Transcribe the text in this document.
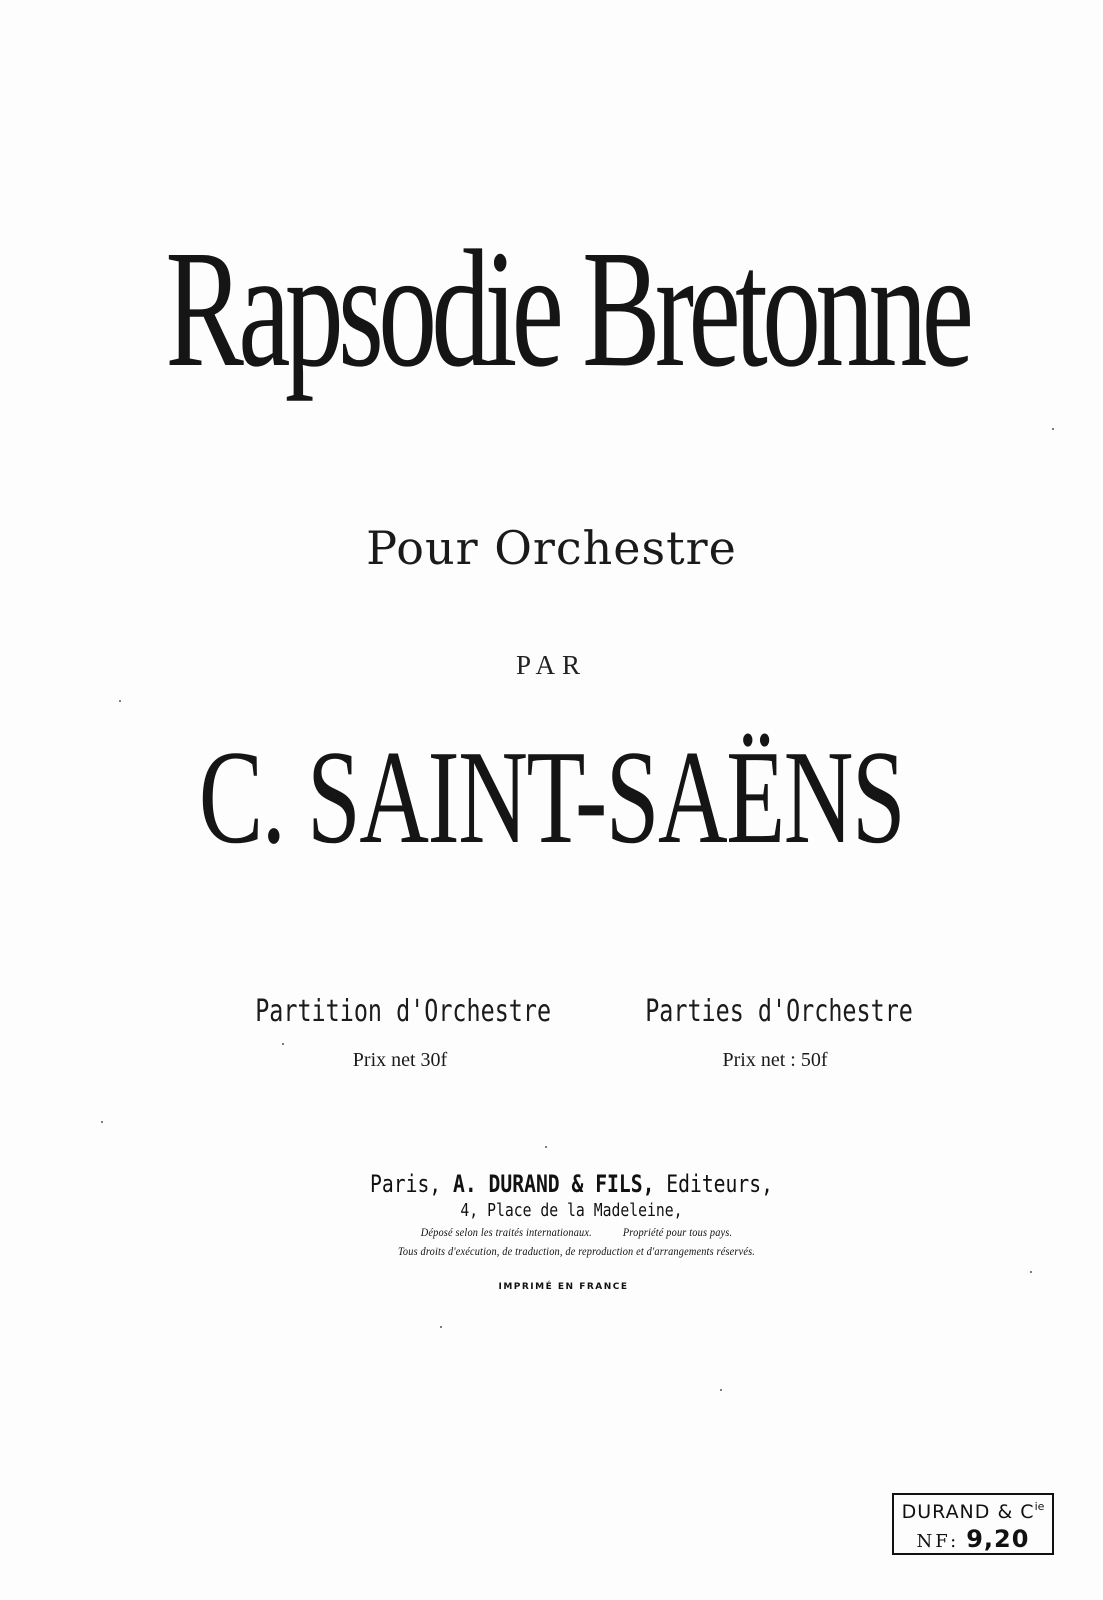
Rapsodie Bretonne
Pour Orchestre
PAR
C. SAINT-SAËNS
Partition d'Orchestre
Prix net 30f
Parties d'Orchestre
Prix net : 50f
Paris, A. DURAND & FILS, Editeurs,
4, Place de la Madeleine,
Déposé selon les traités internationaux.	Propriété pour tous pays.
Tous droits d'exécution, de traduction, de reproduction et d'arrangements réservés.
IMPRIMÉ EN FRANCE
DURAND & $C^{ie}$
NF: 9,20
